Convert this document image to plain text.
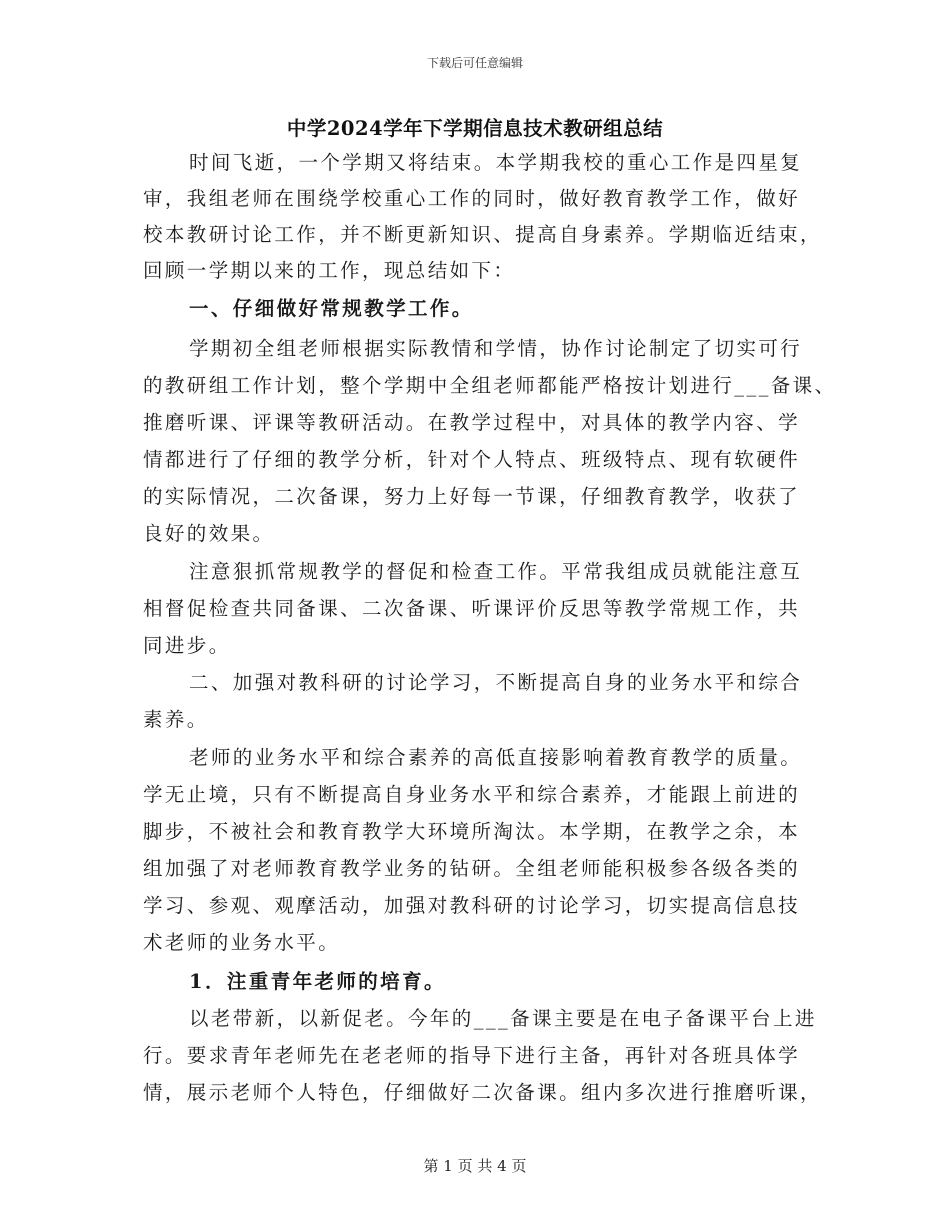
下载后可任意编辑
中学2024学年下学期信息技术教研组总结
时间飞逝，一个学期又将结束。本学期我校的重心工作是四星复
审，我组老师在围绕学校重心工作的同时，做好教育教学工作，做好
校本教研讨论工作，并不断更新知识、提高自身素养。学期临近结束，
回顾一学期以来的工作，现总结如下：
一、仔细做好常规教学工作。
学期初全组老师根据实际教情和学情，协作讨论制定了切实可行
的教研组工作计划，整个学期中全组老师都能严格按计划进行___备课、
推磨听课、评课等教研活动。在教学过程中，对具体的教学内容、学
情都进行了仔细的教学分析，针对个人特点、班级特点、现有软硬件
的实际情况，二次备课，努力上好每一节课，仔细教育教学，收获了
良好的效果。
注意狠抓常规教学的督促和检查工作。平常我组成员就能注意互
相督促检查共同备课、二次备课、听课评价反思等教学常规工作，共
同进步。
二、加强对教科研的讨论学习，不断提高自身的业务水平和综合
素养。
老师的业务水平和综合素养的高低直接影响着教育教学的质量。
学无止境，只有不断提高自身业务水平和综合素养，才能跟上前进的
脚步，不被社会和教育教学大环境所淘汰。本学期，在教学之余，本
组加强了对老师教育教学业务的钻研。全组老师能积极参各级各类的
学习、参观、观摩活动，加强对教科研的讨论学习，切实提高信息技
术老师的业务水平。
1．注重青年老师的培育。
以老带新，以新促老。今年的___备课主要是在电子备课平台上进
行。要求青年老师先在老老师的指导下进行主备，再针对各班具体学
情，展示老师个人特色，仔细做好二次备课。组内多次进行推磨听课，
第 1 页 共 4 页
